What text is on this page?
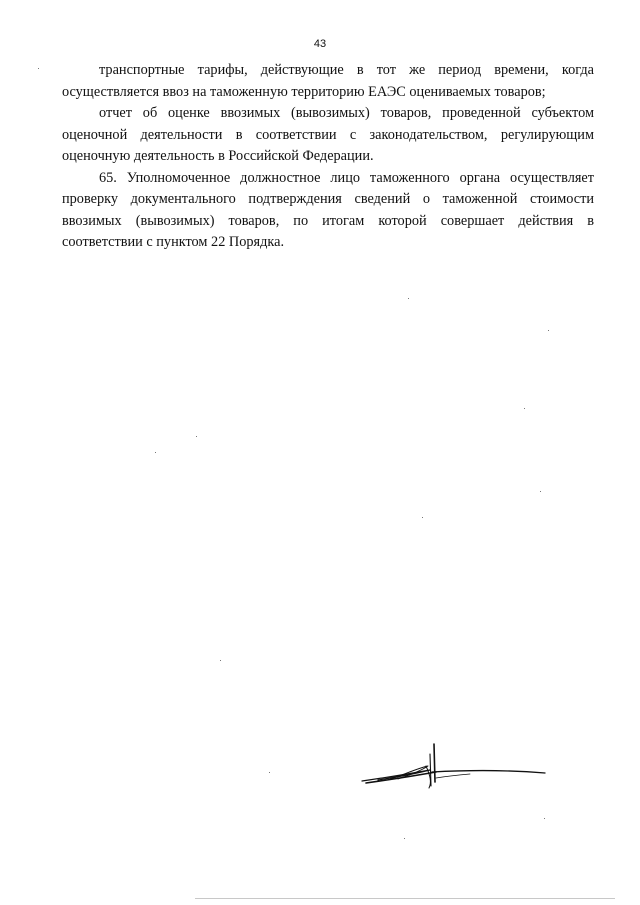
43

транспортные тарифы, действующие в тот же период времени, когда осуществляется ввоз на таможенную территорию ЕАЭС оцениваемых товаров;

отчет об оценке ввозимых (вывозимых) товаров, проведенной субъектом оценочной деятельности в соответствии с законодательством, регулирующим оценочную деятельность в Российской Федерации.

65. Уполномоченное должностное лицо таможенного органа осуществляет проверку документального подтверждения сведений о таможенной стоимости ввозимых (вывозимых) товаров, по итогам которой совершает действия в соответствии с пунктом 22 Порядка.
